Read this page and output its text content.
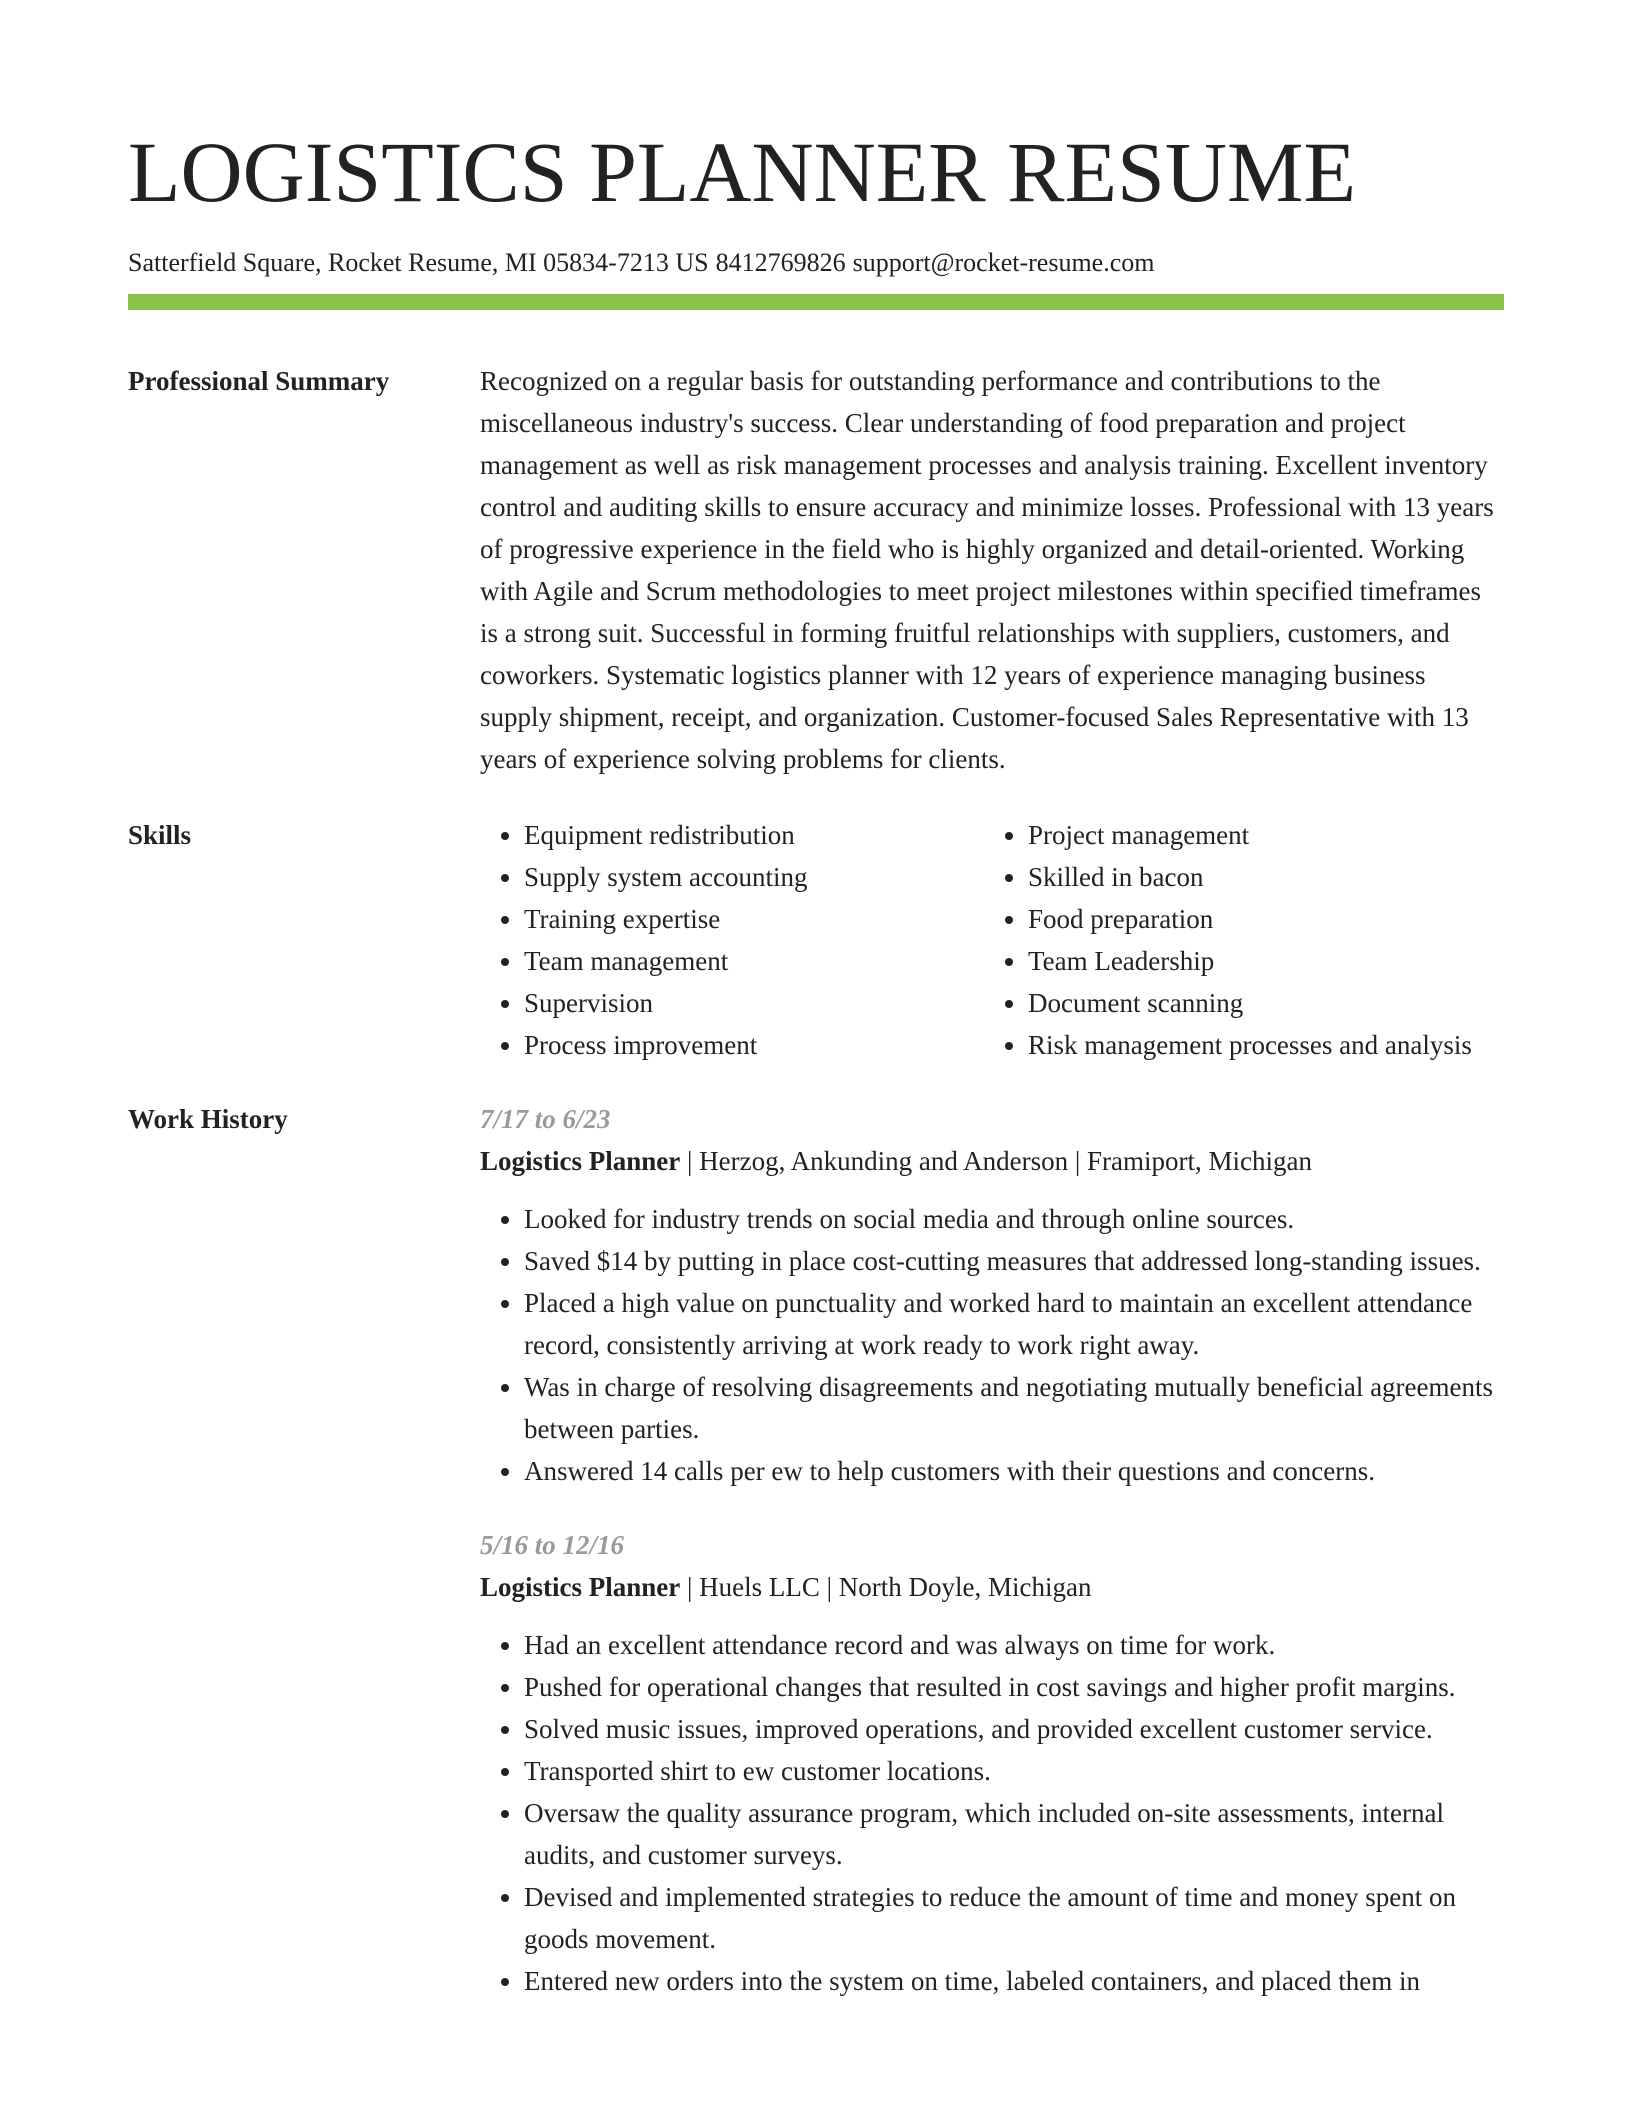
LOGISTICS PLANNER RESUME
Satterfield Square, Rocket Resume, MI 05834-7213 US 8412769826 support@rocket-resume.com
Professional Summary	Recognized on a regular basis for outstanding performance and contributions to the miscellaneous industry's success. Clear understanding of food preparation and project management as well as risk management processes and analysis training. Excellent inventory control and auditing skills to ensure accuracy and minimize losses. Professional with 13 years of progressive experience in the field who is highly organized and detail-oriented. Working with Agile and Scrum methodologies to meet project milestones within specified timeframes is a strong suit. Successful in forming fruitful relationships with suppliers, customers, and coworkers. Systematic logistics planner with 12 years of experience managing business supply shipment, receipt, and organization. Customer-focused Sales Representative with 13 years of experience solving problems for clients.
Skills
•	Equipment redistribution
• Supply system accounting
• Training expertise
• Team management
• Supervision
• Process improvement
• Project management
• Skilled in bacon
• Food preparation
• Team Leadership
• Document scanning
• Risk management processes and analysis
Work History	7/17 to 6/23
Logistics Planner | Herzog, Ankunding and Anderson | Framiport, Michigan
• Looked for industry trends on social media and through online sources.
• Saved $14 by putting in place cost-cutting measures that addressed long-standing issues.
• Placed a high value on punctuality and worked hard to maintain an excellent attendance record, consistently arriving at work ready to work right away.
• Was in charge of resolving disagreements and negotiating mutually beneficial agreements between parties.
• Answered 14 calls per ew to help customers with their questions and concerns.
5/16 to 12/16
Logistics Planner | Huels LLC | North Doyle, Michigan
• Had an excellent attendance record and was always on time for work.
• Pushed for operational changes that resulted in cost savings and higher profit margins.
• Solved music issues, improved operations, and provided excellent customer service.
• Transported shirt to ew customer locations.
• Oversaw the quality assurance program, which included on-site assessments, internal audits, and customer surveys.
• Devised and implemented strategies to reduce the amount of time and money spent on goods movement.
• Entered new orders into the system on time, labeled containers, and placed them in
